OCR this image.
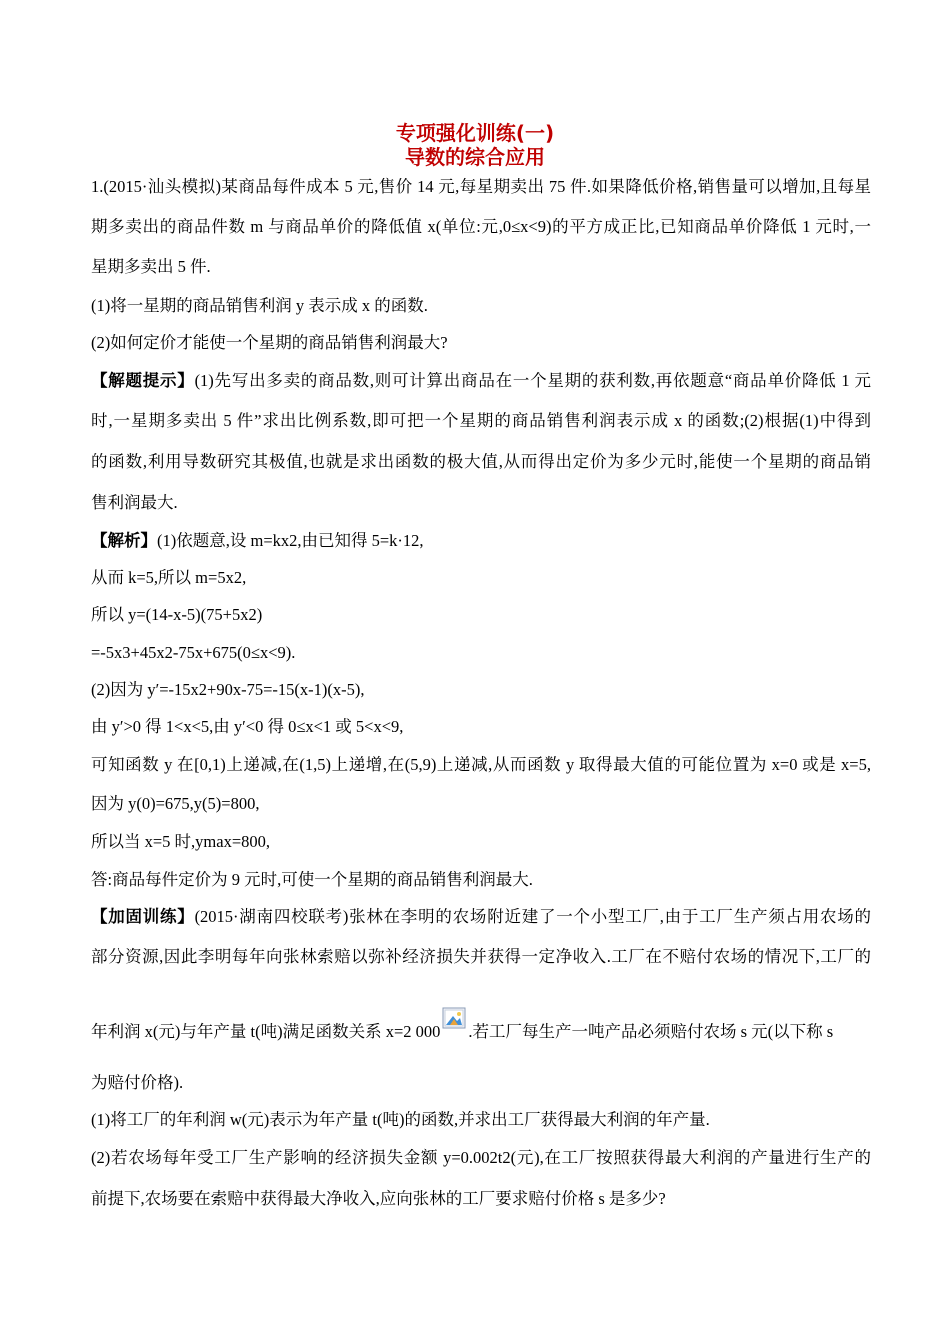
专项强化训练(一)
导数的综合应用
1.(2015·汕头模拟)某商品每件成本 5 元,售价 14 元,每星期卖出 75 件.如果降低价格,销售量可以增加,且每星
期多卖出的商品件数 m 与商品单价的降低值 x(单位:元,0≤x<9)的平方成正比,已知商品单价降低 1 元时,一
星期多卖出 5 件.
(1)将一星期的商品销售利润 y 表示成 x 的函数.
(2)如何定价才能使一个星期的商品销售利润最大?
【解题提示】(1)先写出多卖的商品数,则可计算出商品在一个星期的获利数,再依题意“商品单价降低 1 元
时,一星期多卖出 5 件”求出比例系数,即可把一个星期的商品销售利润表示成 x 的函数;(2)根据(1)中得到
的函数,利用导数研究其极值,也就是求出函数的极大值,从而得出定价为多少元时,能使一个星期的商品销
售利润最大.
【解析】(1)依题意,设 m=kx2,由已知得 5=k·12,
从而 k=5,所以 m=5x2,
所以 y=(14-x-5)(75+5x2)
=-5x3+45x2-75x+675(0≤x<9).
(2)因为 y′=-15x2+90x-75=-15(x-1)(x-5),
由 y′>0 得 1<x<5,由 y′<0 得 0≤x<1 或 5<x<9,
可知函数 y 在[0,1)上递减,在(1,5)上递增,在(5,9)上递减,从而函数 y 取得最大值的可能位置为 x=0 或是 x=5,
因为 y(0)=675,y(5)=800,
所以当 x=5 时,ymax=800,
答:商品每件定价为 9 元时,可使一个星期的商品销售利润最大.
【加固训练】(2015·湖南四校联考)张林在李明的农场附近建了一个小型工厂,由于工厂生产须占用农场的
部分资源,因此李明每年向张林索赔以弥补经济损失并获得一定净收入.工厂在不赔付农场的情况下,工厂的
年利润 x(元)与年产量 t(吨)满足函数关系 x=2 000 .若工厂每生产一吨产品必须赔付农场 s 元(以下称 s
为赔付价格).
(1)将工厂的年利润 w(元)表示为年产量 t(吨)的函数,并求出工厂获得最大利润的年产量.
(2)若农场每年受工厂生产影响的经济损失金额 y=0.002t2(元),在工厂按照获得最大利润的产量进行生产的
前提下,农场要在索赔中获得最大净收入,应向张林的工厂要求赔付价格 s 是多少?
